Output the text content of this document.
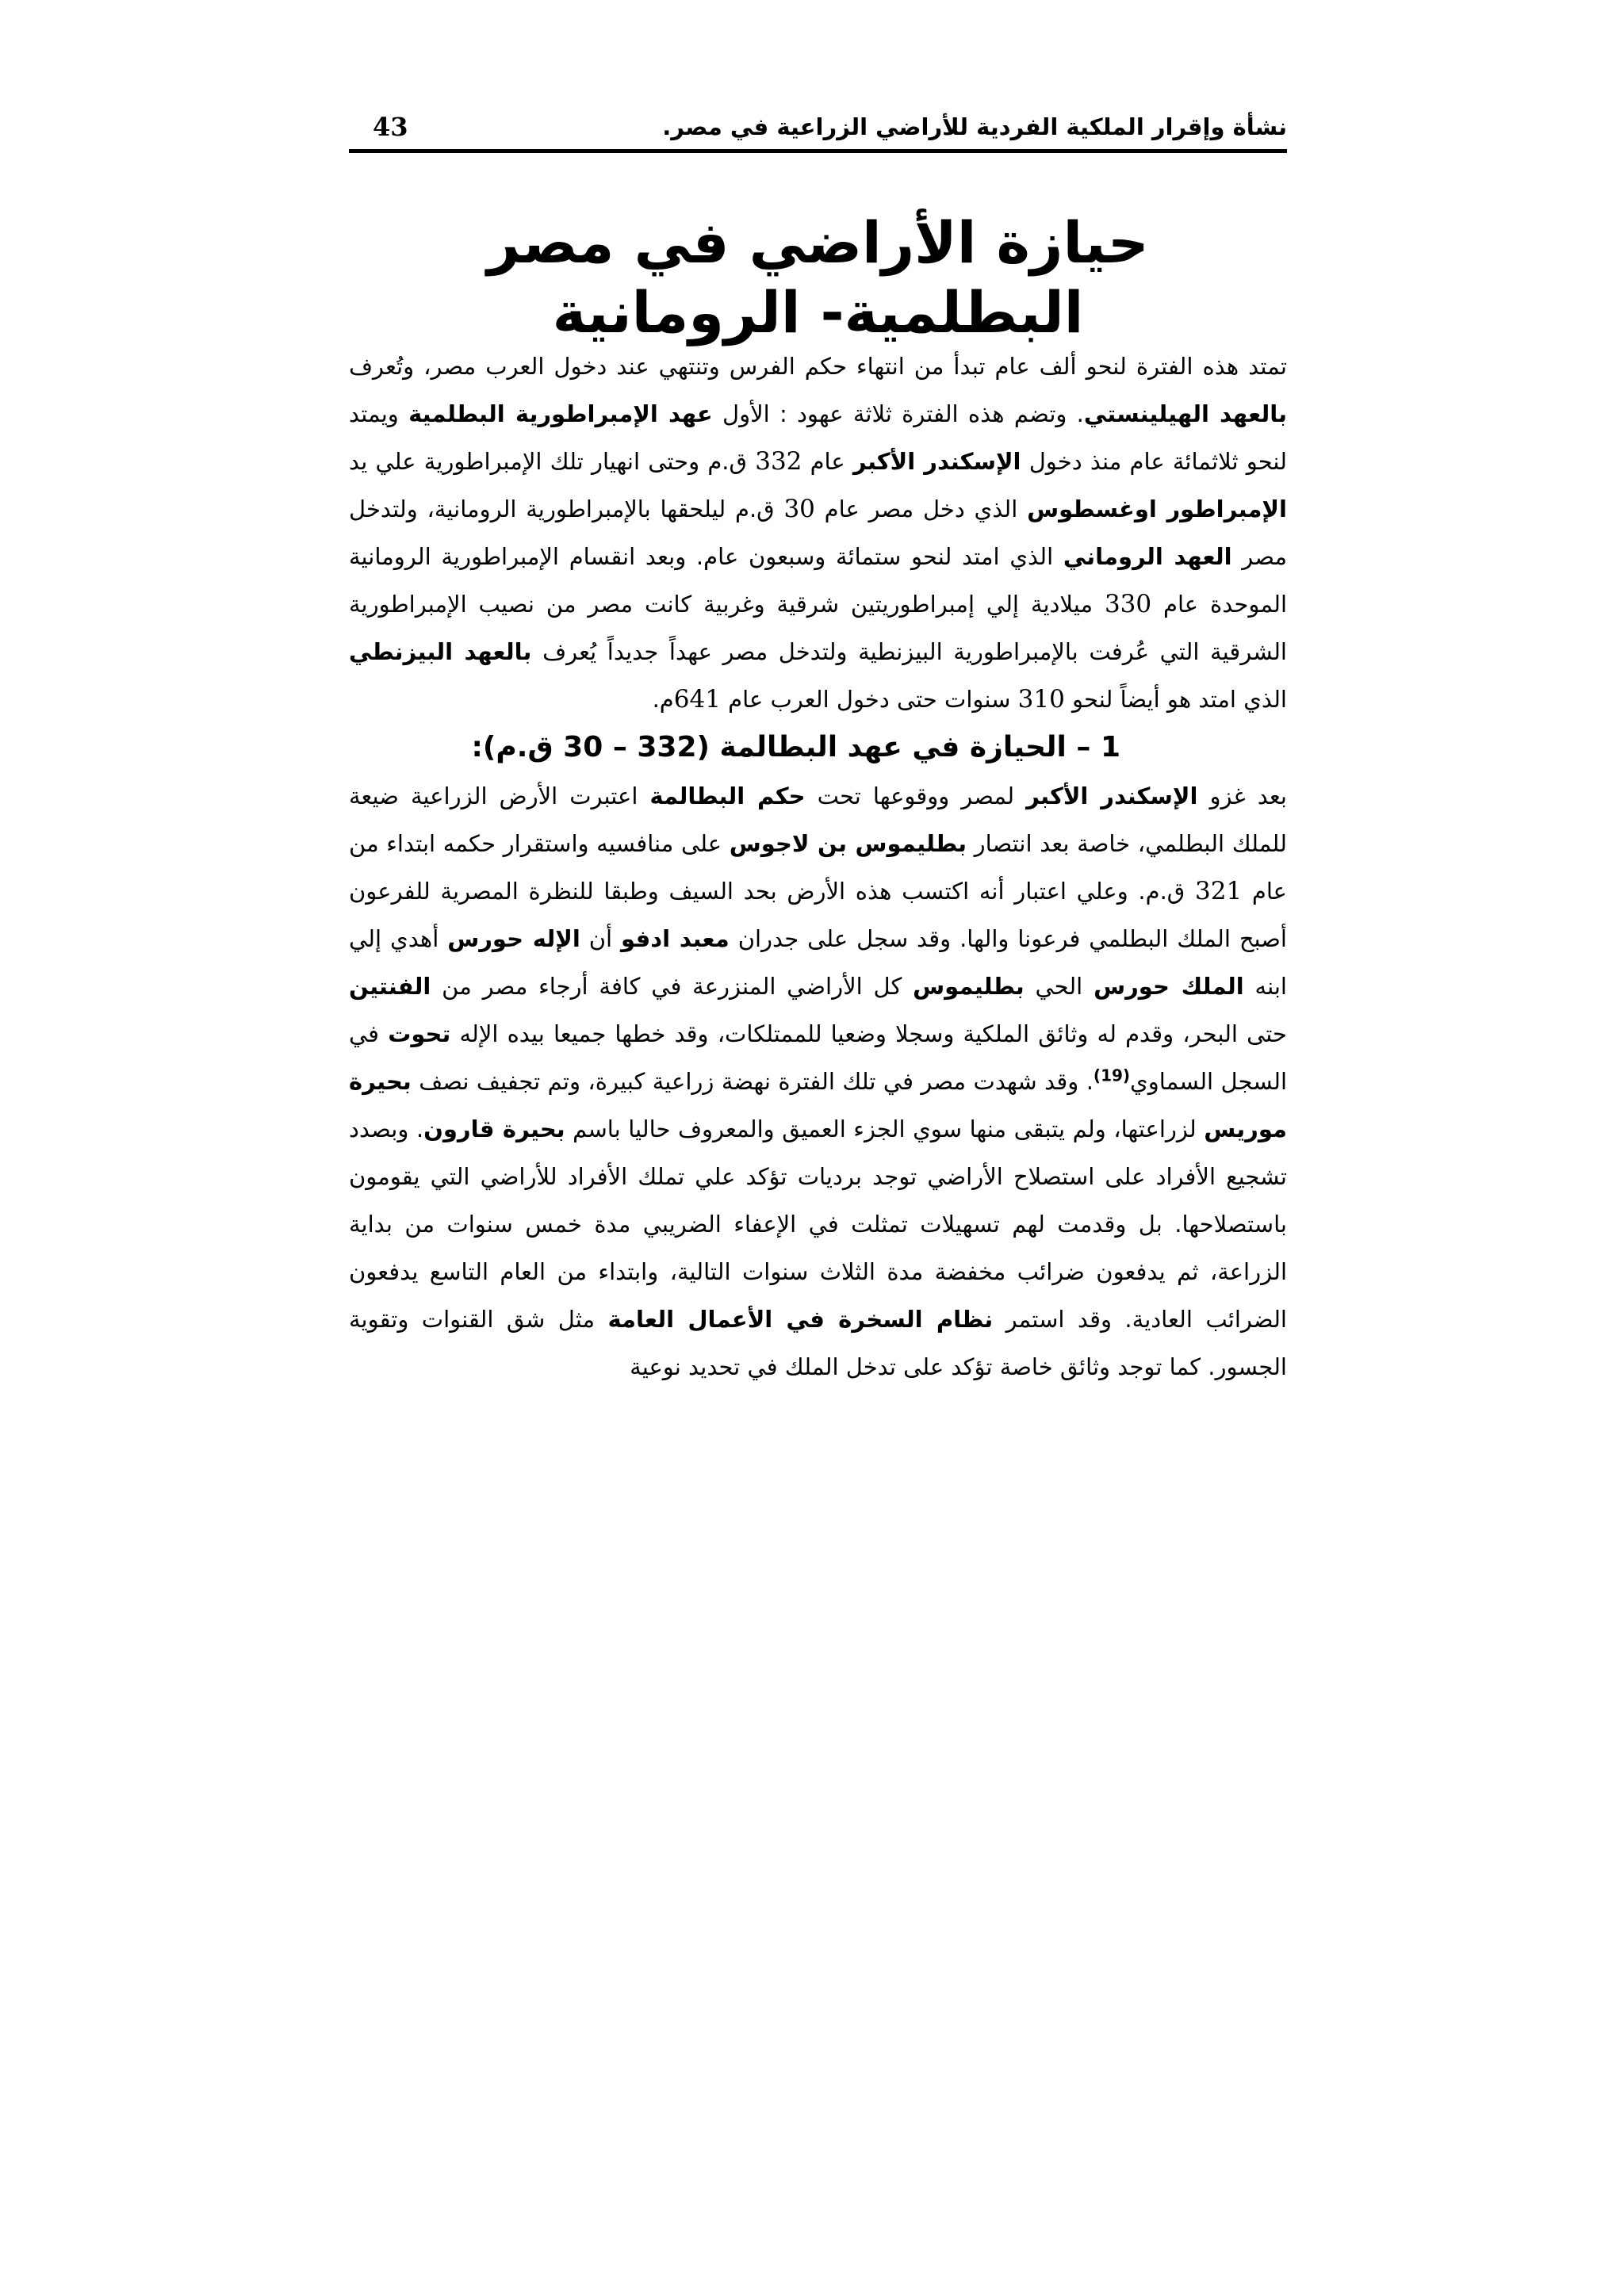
نشأة وإقرار الملكية الفردية للأراضي الزراعية في مصر.
43
حيازة الأراضي في مصر
البطلمية- الرومانية

تمتد هذه الفترة لنحو ألف عام تبدأ من انتهاء حكم الفرس وتنتهي عند دخول العرب مصر، وتُعرف بالعهد الهيلينستي. وتضم هذه الفترة ثلاثة عهود : الأول عهد الإمبراطورية البطلمية ويمتد لنحو ثلاثمائة عام منذ دخول الإسكندر الأكبر عام 332 ق.م وحتى انهيار تلك الإمبراطورية علي يد الإمبراطور اوغسطوس الذي دخل مصر عام 30 ق.م ليلحقها بالإمبراطورية الرومانية، ولتدخل مصر العهد الروماني الذي امتد لنحو ستمائة وسبعون عام. وبعد انقسام الإمبراطورية الرومانية الموحدة عام 330 ميلادية إلي إمبراطوريتين شرقية وغربية كانت مصر من نصيب الإمبراطورية الشرقية التي عُرفت بالإمبراطورية البيزنطية ولتدخل مصر عهداً جديداً يُعرف بالعهد البيزنطي الذي امتد هو أيضاً لنحو 310 سنوات حتى دخول العرب عام 641م.

1 – الحيازة في عهد البطالمة (332 – 30 ق.م):

بعد غزو الإسكندر الأكبر لمصر ووقوعها تحت حكم البطالمة اعتبرت الأرض الزراعية ضيعة للملك البطلمي، خاصة بعد انتصار بطليموس بن لاجوس على منافسيه واستقرار حكمه ابتداء من عام 321 ق.م. وعلي اعتبار أنه اكتسب هذه الأرض بحد السيف وطبقا للنظرة المصرية للفرعون أصبح الملك البطلمي فرعونا والها. وقد سجل على جدران معبد ادفو أن الإله حورس أهدي إلي ابنه الملك حورس الحي بطليموس كل الأراضي المنزرعة في كافة أرجاء مصر من الفنتين حتى البحر، وقدم له وثائق الملكية وسجلا وضعيا للممتلكات، وقد خطها جميعا بيده الإله تحوت في السجل السماوي$^{(19)}$. وقد شهدت مصر في تلك الفترة نهضة زراعية كبيرة، وتم تجفيف نصف بحيرة موريس لزراعتها، ولم يتبقى منها سوي الجزء العميق والمعروف حاليا باسم بحيرة قارون. وبصدد تشجيع الأفراد على استصلاح الأراضي توجد برديات تؤكد علي تملك الأفراد للأراضي التي يقومون باستصلاحها. بل وقدمت لهم تسهيلات تمثلت في الإعفاء الضريبي مدة خمس سنوات من بداية الزراعة، ثم يدفعون ضرائب مخفضة مدة الثلاث سنوات التالية، وابتداء من العام التاسع يدفعون الضرائب العادية. وقد استمر نظام السخرة في الأعمال العامة مثل شق القنوات وتقوية الجسور. كما توجد وثائق خاصة تؤكد على تدخل الملك في تحديد نوعية
